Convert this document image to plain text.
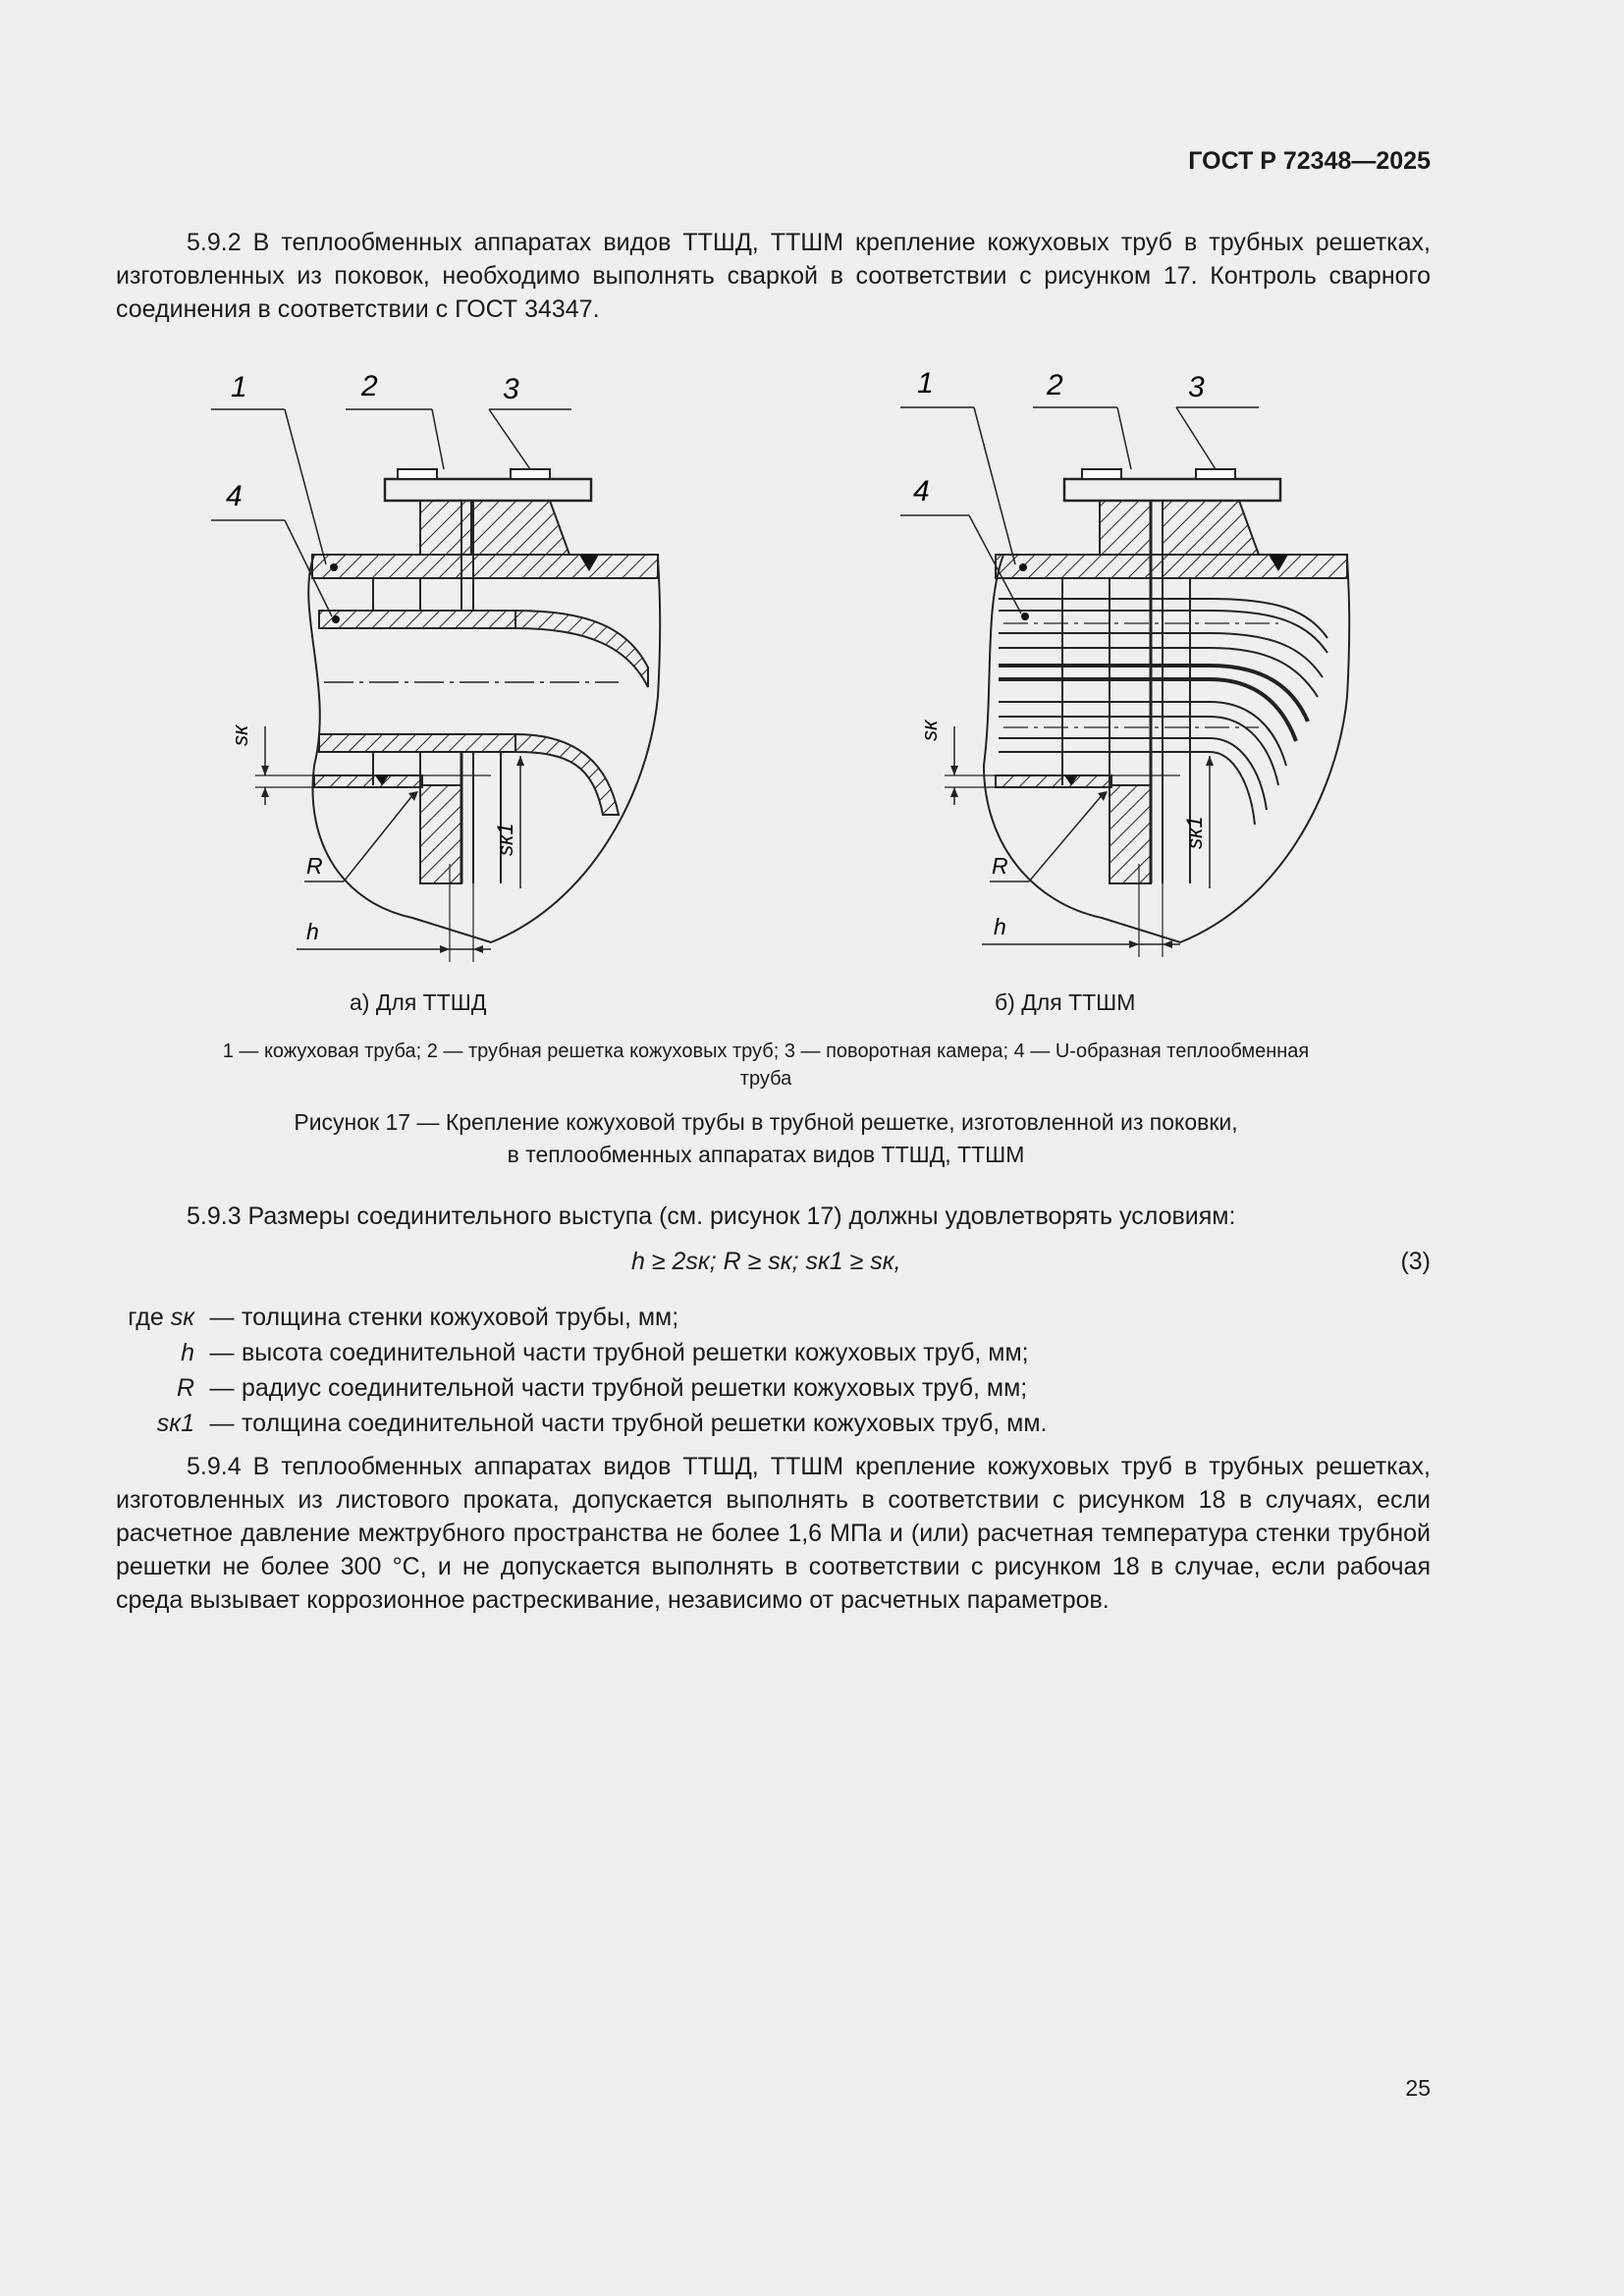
ГОСТ Р 72348—2025
5.9.2 В теплообменных аппаратах видов ТТШД, ТТШМ крепление кожуховых труб в трубных решетках, изготовленных из поковок, необходимо выполнять сваркой в соответствии с рисунком 17. Контроль сварного соединения в соответствии с ГОСТ 34347.
sк
sк1
R
h
1	2	3
4
sк
sк1
R
h
1	2	3
4
а) Для ТТШД	б) Для ТТШМ
1 — кожуховая труба; 2 — трубная решетка кожуховых труб; 3 — поворотная камера; 4 — U-образная теплообменная труба
Рисунок 17 — Крепление кожуховой трубы в трубной решетке, изготовленной из поковки,
в теплообменных аппаратах видов ТТШД, ТТШМ
5.9.3 Размеры соединительного выступа (см. рисунок 17) должны удовлетворять условиям:
h ≥ 2sк; R ≥ sк; sк1 ≥ sк,	(3)
где sк — толщина стенки кожуховой трубы, мм;
h — высота соединительной части трубной решетки кожуховых труб, мм;
R — радиус соединительной части трубной решетки кожуховых труб, мм;
sк1 — толщина соединительной части трубной решетки кожуховых труб, мм.
5.9.4 В теплообменных аппаратах видов ТТШД, ТТШМ крепление кожуховых труб в трубных решетках, изготовленных из листового проката, допускается выполнять в соответствии с рисунком 18 в случаях, если расчетное давление межтрубного пространства не более 1,6 МПа и (или) расчетная температура стенки трубной решетки не более 300 °С, и не допускается выполнять в соответствии с рисунком 18 в случае, если рабочая среда вызывает коррозионное растрескивание, независимо от расчетных параметров.
25
